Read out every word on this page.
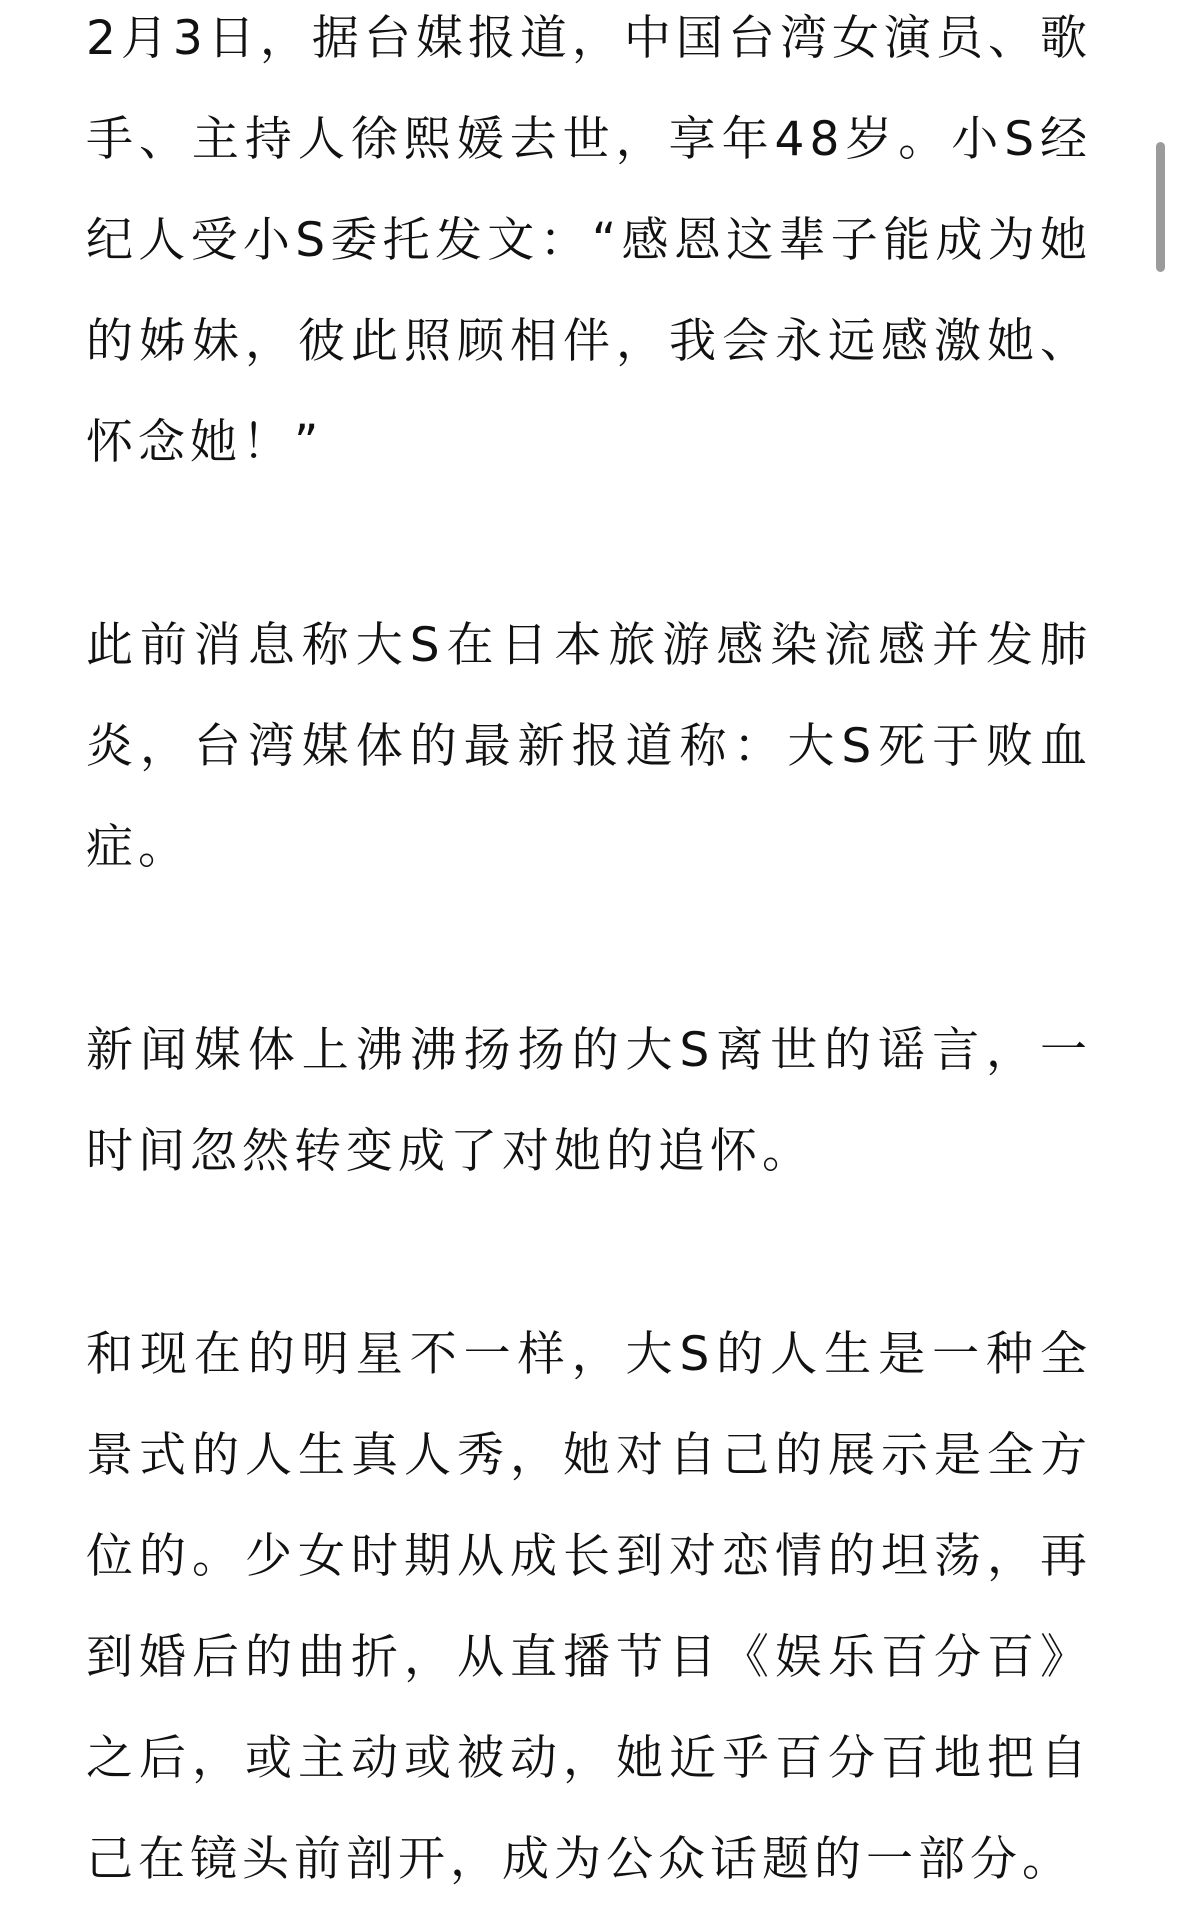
2月3日，据台媒报道，中国台湾女演员、歌手、主持人徐熙媛去世，享年48岁。小S经纪人受小S委托发文：“感恩这辈子能成为她的姊妹，彼此照顾相伴，我会永远感激她、怀念她！”

此前消息称大S在日本旅游感染流感并发肺炎，台湾媒体的最新报道称：大S死于败血症。

新闻媒体上沸沸扬扬的大S离世的谣言，一时间忽然转变成了对她的追怀。

和现在的明星不一样，大S的人生是一种全景式的人生真人秀，她对自己的展示是全方位的。少女时期从成长到对恋情的坦荡，再到婚后的曲折，从直播节目《娱乐百分百》之后，或主动或被动，她近乎百分百地把自己在镜头前剖开，成为公众话题的一部分。
